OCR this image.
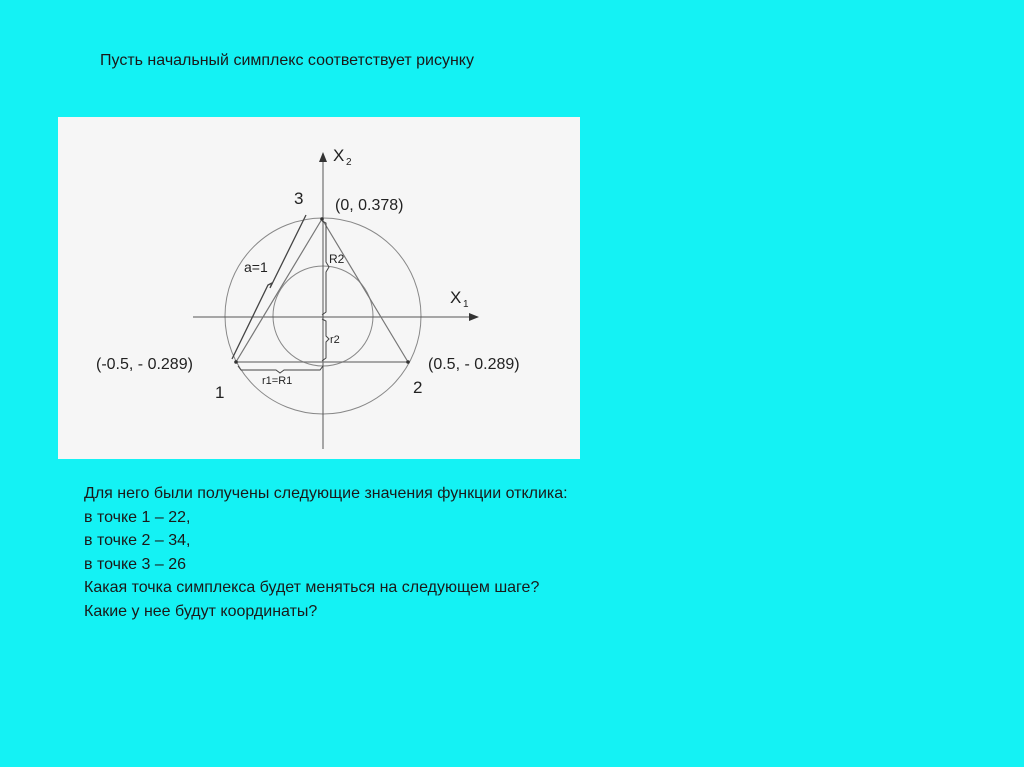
Пусть начальный симплекс соответствует рисунку
X 2
X 1
3 (0, 0.378)
(-0.5, - 0.289)
1
(0.5, - 0.289)
2
a=1	R2
r2
r1=R1
Для него были получены следующие значения функции отклика:
в точке 1 – 22,
в точке 2 – 34,
в точке 3 – 26
Какая точка симплекса будет меняться на следующем шаге?
Какие у нее будут координаты?
